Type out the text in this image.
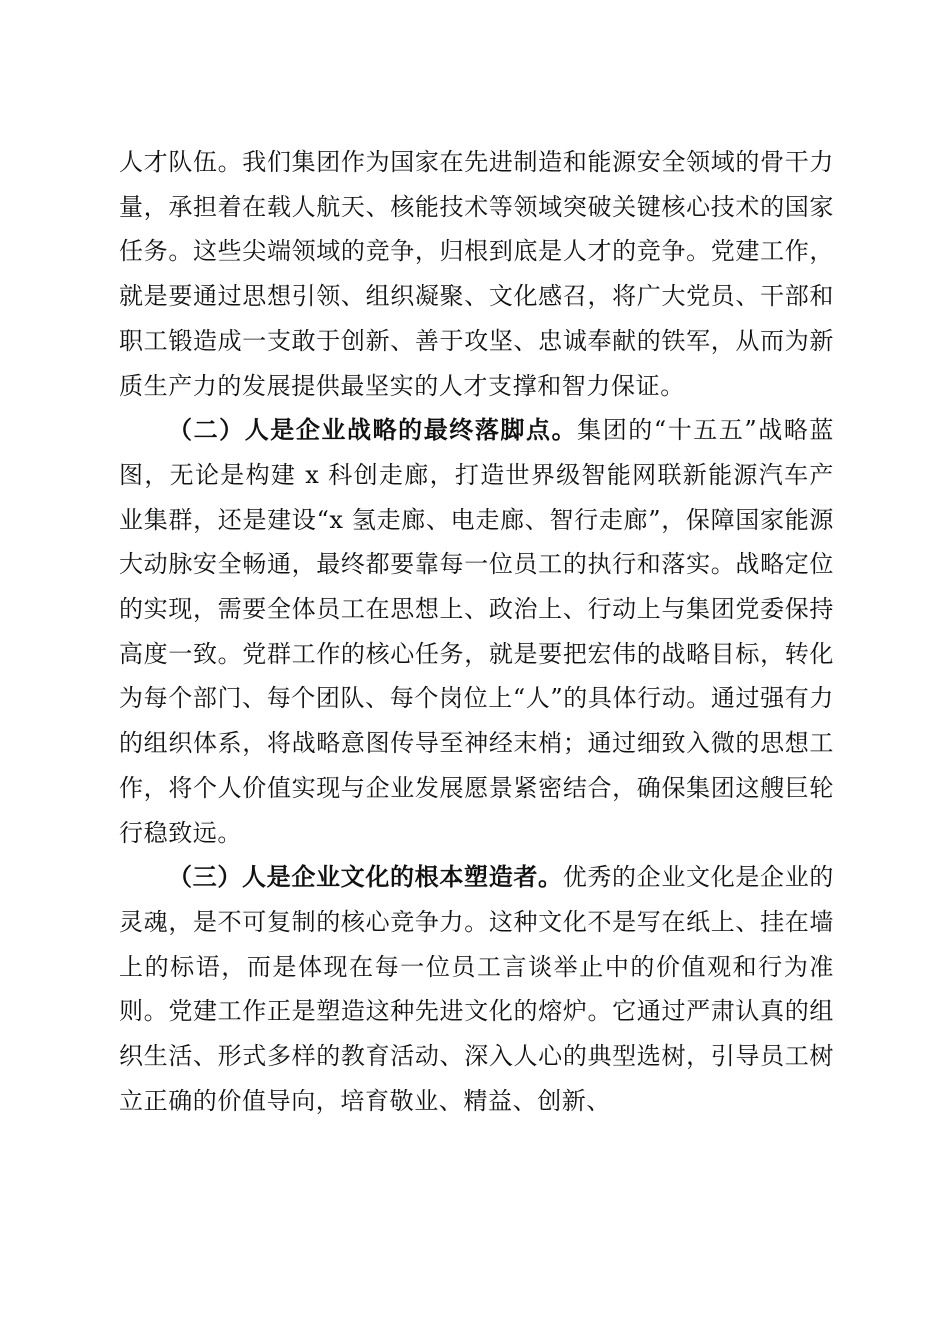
人才队伍。我们集团作为国家在先进制造和能源安全领域的骨干力量，承担着在载人航天、核能技术等领域突破关键核心技术的国家任务。这些尖端领域的竞争，归根到底是人才的竞争。党建工作，就是要通过思想引领、组织凝聚、文化感召，将广大党员、干部和职工锻造成一支敢于创新、善于攻坚、忠诚奉献的铁军，从而为新质生产力的发展提供最坚实的人才支撑和智力保证。

（二）人是企业战略的最终落脚点。集团的“十五五”战略蓝图，无论是构建 x 科创走廊，打造世界级智能网联新能源汽车产业集群，还是建设“x 氢走廊、电走廊、智行走廊”，保障国家能源大动脉安全畅通，最终都要靠每一位员工的执行和落实。战略定位的实现，需要全体员工在思想上、政治上、行动上与集团党委保持高度一致。党群工作的核心任务，就是要把宏伟的战略目标，转化为每个部门、每个团队、每个岗位上“人”的具体行动。通过强有力的组织体系，将战略意图传导至神经末梢；通过细致入微的思想工作，将个人价值实现与企业发展愿景紧密结合，确保集团这艘巨轮行稳致远。

（三）人是企业文化的根本塑造者。优秀的企业文化是企业的灵魂，是不可复制的核心竞争力。这种文化不是写在纸上、挂在墙上的标语，而是体现在每一位员工言谈举止中的价值观和行为准则。党建工作正是塑造这种先进文化的熔炉。它通过严肃认真的组织生活、形式多样的教育活动、深入人心的典型选树，引导员工树立正确的价值导向，培育敬业、精益、创新、
